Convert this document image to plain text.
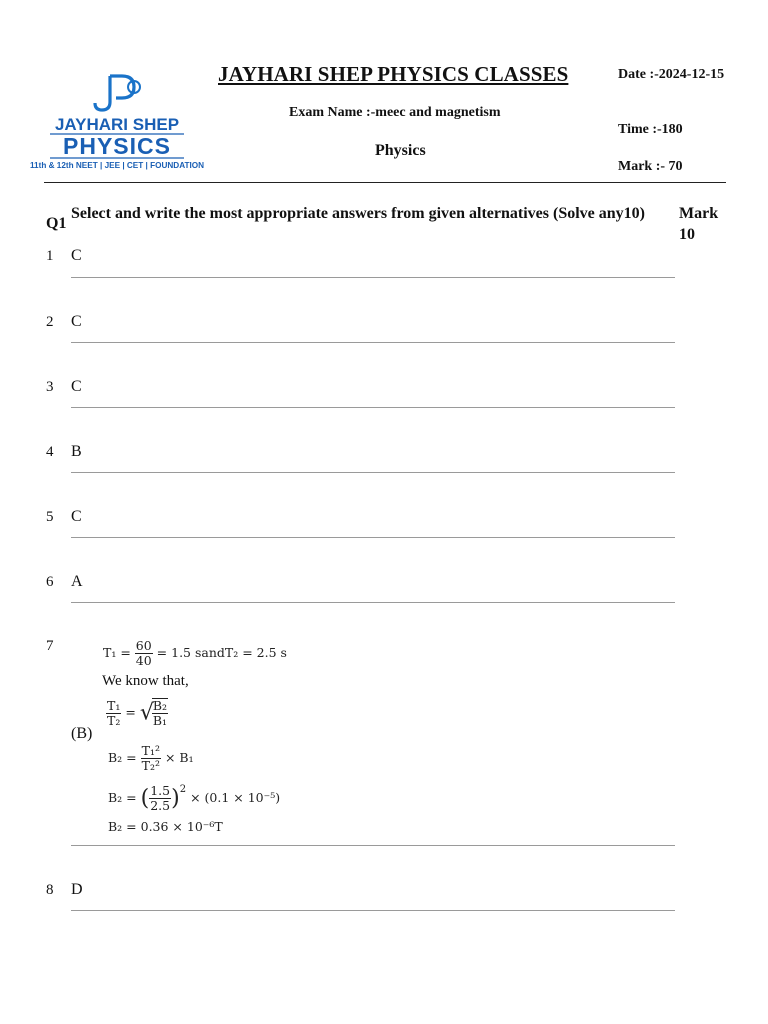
JAYHARI SHEP
PHYSICS
11th & 12th NEET | JEE | CET | FOUNDATION
JAYHARI SHEP PHYSICS CLASSES
Exam Name :-meec and magnetism
Physics
Date :-2024-12-15
Time :-180
Mark :- 70
Q1
Select and write the most appropriate answers from given alternatives (Solve any10)	Mark 10
1 C
2 C
3 C
4 B
5 C
6 A
7
(B)
$T_1 = \frac{60}{40} = 1.5$ sandT₂ = 2.5 s
We know that,
$\frac{\text{T₁}}{\text{T₂}}$ = √
$\frac{\text{B₂}}{\text{B₁}}$
$B_2 = \frac{\text{T₁²}}{\text{T₂²}} \times B_1$
B₂ = ( $\frac{1.5}{2.5} )^2 \times (0.1 \times 10^{-5})$
B₂ = 0.36 × 10⁻⁶T
8 D
